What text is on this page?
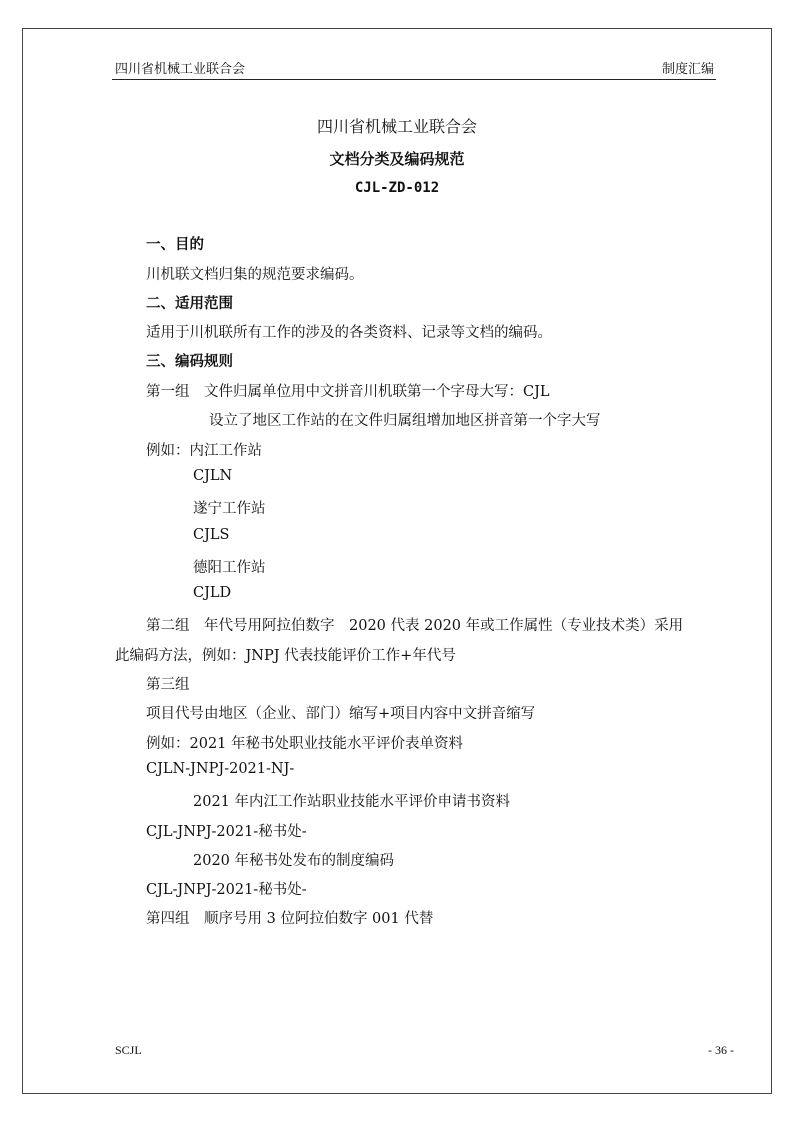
四川省机械工业联合会	制度汇编
四川省机械工业联合会
文档分类及编码规范
CJL-ZD-012
一、目的
川机联文档归集的规范要求编码。
二、适用范围
适用于川机联所有工作的涉及的各类资料、记录等文档的编码。
三、编码规则
第一组　文件归属单位用中文拼音川机联第一个字母大写：CJL
设立了地区工作站的在文件归属组增加地区拼音第一个字大写
例如：内江工作站
CJLN
遂宁工作站
CJLS
德阳工作站
CJLD
第二组　年代号用阿拉伯数字　2020 代表 2020 年或工作属性（专业技术类）采用
此编码方法，例如：JNPJ 代表技能评价工作+年代号
第三组
项目代号由地区（企业、部门）缩写+项目内容中文拼音缩写
例如：2021 年秘书处职业技能水平评价表单资料
CJLN-JNPJ-2021-NJ-
2021 年内江工作站职业技能水平评价申请书资料
CJL-JNPJ-2021-秘书处-
2020 年秘书处发布的制度编码
CJL-JNPJ-2021-秘书处-
第四组　顺序号用 3 位阿拉伯数字 001 代替
SCJL	- 36 -
